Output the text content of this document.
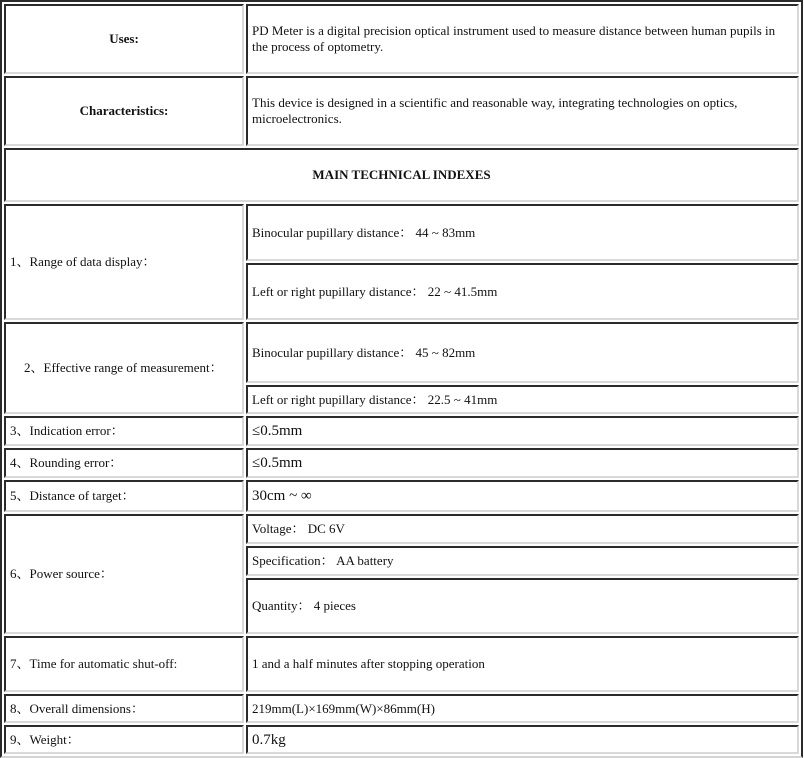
Uses:	PD Meter is a digital precision optical instrument used to measure distance between human pupils in the process of optometry.
Characteristics:	This device is designed in a scientific and reasonable way, integrating technologies on optics, microelectronics.
MAIN TECHNICAL INDEXES	
1、Range of data display：	Binocular pupillary distance： 44 ~ 83mm
	Left or right pupillary distance： 22 ~ 41.5mm
2、Effective range of measurement：	Binocular pupillary distance： 45 ~ 82mm
	Left or right pupillary distance： 22.5 ~ 41mm
3、Indication error：	≤0.5mm
4、Rounding error：	≤0.5mm
5、Distance of target：	30cm ~ ∞
6、Power source：	Voltage： DC 6V
	Specification： AA battery
	Quantity： 4 pieces
7、Time for automatic shut-off:	1 and a half minutes after stopping operation
8、Overall dimensions：	219mm(L)×169mm(W)×86mm(H)
9、Weight：	0.7kg
